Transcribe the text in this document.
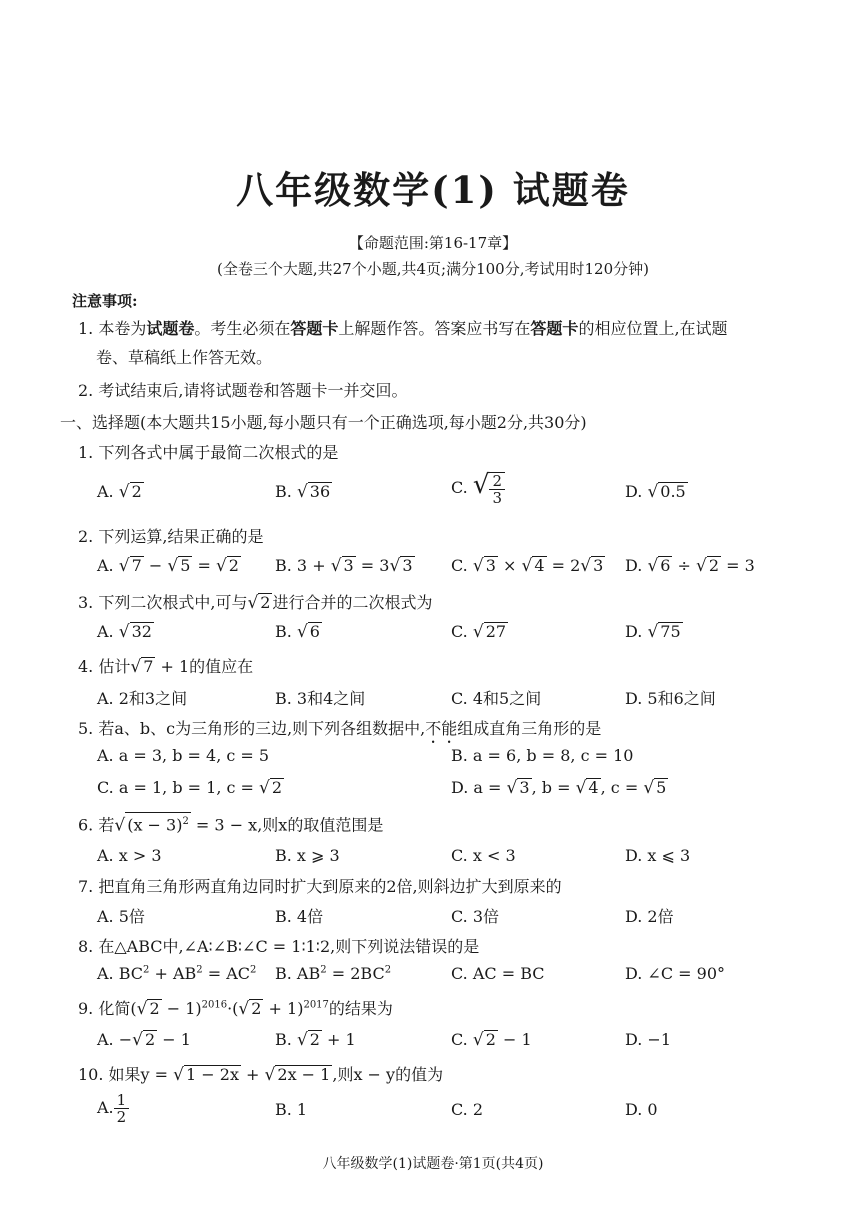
八年级数学(1) 试题卷
【命题范围:第16-17章】
(全卷三个大题,共27个小题,共4页;满分100分,考试用时120分钟)
注意事项:
1. 本卷为试题卷。考生必须在答题卡上解题作答。答案应书写在答题卡的相应位置上,在试题
卷、草稿纸上作答无效。
2. 考试结束后,请将试题卷和答题卡一并交回。
一、选择题(本大题共15小题,每小题只有一个正确选项,每小题2分,共30分)
1. 下列各式中属于最简二次根式的是
A. √ 2	B. √ 36	C. √ $\frac{2}{3}$	D. √ 0.5
2. 下列运算,结果正确的是
A. √ 7 − √ 5 = √ 2 B. 3 + √ 3 = 3√ 3 C. √ 3 × √ 4 = 2√ 3 D. √ 6 ÷ √ 2 = 3
3. 下列二次根式中,可与√ 2 进行合并的二次根式为
A. √ 32	B. √ 6	C. √ 27	D. √ 75
4. 估计√ 7 + 1的值应在
A. 2和3之间	B. 3和4之间	C. 4和5之间	D. 5和6之间
5. 若a、b、c为三角形的三边,则下列各组数据中,不能组成直角三角形的是
A. a = 3, b = 4, c = 5	B. a = 6, b = 8, c = 10
C. a = 1, b = 1, c = √ 2	D. a = √ 3 , b = √ 4 , c = √ 5
6. 若√ $(x - 3)^2 = 3 - x$,则x的取值范围是
A. x > 3	B. x ⩾ 3	C. x < 3	D. x ⩽ 3
7. 把直角三角形两直角边同时扩大到原来的2倍,则斜边扩大到原来的
A. 5倍	B. 4倍	C. 3倍	D. 2倍
8. 在△ABC中,∠A∶∠B∶∠C = 1∶1∶2,则下列说法错误的是
A. $BC^2 + AB^2 = AC^2$ B. $AB^2 = 2BC^2$	C. AC = BC	D. ∠C = 90°
9. 化简(√ 2 − 1)$^{2016}$·(√ 2 + 1)$^{2017}$的结果为
A. −√ 2 − 1	B. √ 2 + 1	C. √ 2 − 1	D. −1
10. 如果y = √ 1 − 2x + √ 2x − 1 ,则x − y的值为
A. $\frac{1}{2}$	B. 1	C. 2	D. 0
八年级数学(1)试题卷·第1页(共4页)
